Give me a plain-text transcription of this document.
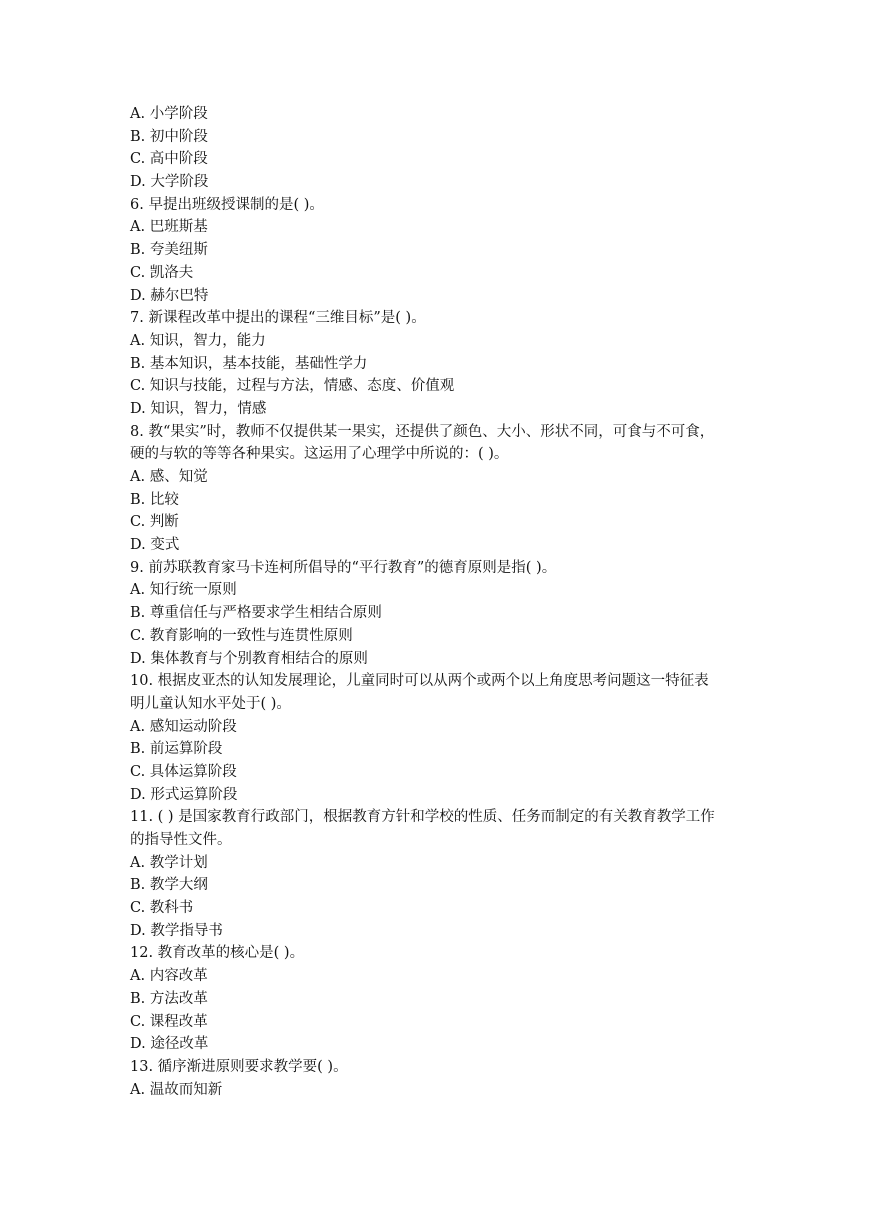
A. 小学阶段
B. 初中阶段
C. 高中阶段
D. 大学阶段
6. 早提出班级授课制的是( )。
A. 巴班斯基
B. 夸美纽斯
C. 凯洛夫
D. 赫尔巴特
7. 新课程改革中提出的课程“三维目标”是( )。
A. 知识，智力，能力
B. 基本知识，基本技能，基础性学力
C. 知识与技能，过程与方法，情感、态度、价值观
D. 知识，智力，情感
8. 教“果实”时，教师不仅提供某一果实，还提供了颜色、大小、形状不同，可食与不可食，
硬的与软的等等各种果实。这运用了心理学中所说的：( )。
A. 感、知觉
B. 比较
C. 判断
D. 变式
9. 前苏联教育家马卡连柯所倡导的“平行教育”的德育原则是指( )。
A. 知行统一原则
B. 尊重信任与严格要求学生相结合原则
C. 教育影响的一致性与连贯性原则
D. 集体教育与个别教育相结合的原则
10. 根据皮亚杰的认知发展理论，儿童同时可以从两个或两个以上角度思考问题这一特征表
明儿童认知水平处于( )。
A. 感知运动阶段
B. 前运算阶段
C. 具体运算阶段
D. 形式运算阶段
11. ( ) 是国家教育行政部门，根据教育方针和学校的性质、任务而制定的有关教育教学工作
的指导性文件。
A. 教学计划
B. 教学大纲
C. 教科书
D. 教学指导书
12. 教育改革的核心是( )。
A. 内容改革
B. 方法改革
C. 课程改革
D. 途径改革
13. 循序渐进原则要求教学要( )。
A. 温故而知新
